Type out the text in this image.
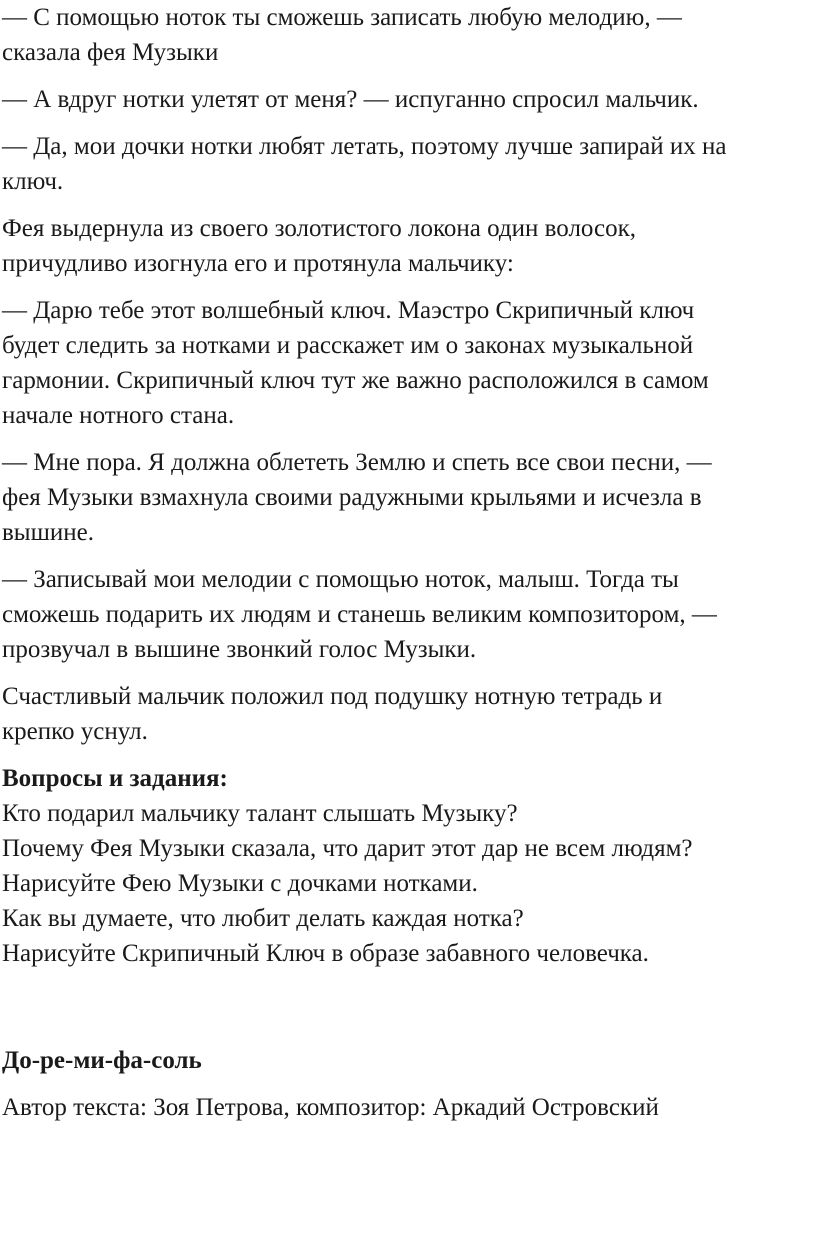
— С помощью ноток ты сможешь записать любую мелодию, —

сказала фея Музыки

— А вдруг нотки улетят от меня? — испуганно спросил мальчик.

— Да, мои дочки нотки любят летать, поэтому лучше запирай их на

ключ.

Фея выдернула из своего золотистого локона один волосок,

причудливо изогнула его и протянула мальчику:

— Дарю тебе этот волшебный ключ. Маэстро Скрипичный ключ

будет следить за нотками и расскажет им о законах музыкальной

гармонии. Скрипичный ключ тут же важно расположился в самом

начале нотного стана.

— Мне пора. Я должна облететь Землю и спеть все свои песни, —

фея Музыки взмахнула своими радужными крыльями и исчезла в

вышине.

— Записывай мои мелодии с помощью ноток, малыш. Тогда ты

сможешь подарить их людям и станешь великим композитором, —

прозвучал в вышине звонкий голос Музыки.

Счастливый мальчик положил под подушку нотную тетрадь и

крепко уснул.

Вопросы и задания:

Кто подарил мальчику талант слышать Музыку?

Почему Фея Музыки сказала, что дарит этот дар не всем людям?

Нарисуйте Фею Музыки с дочками нотками.

Как вы думаете, что любит делать каждая нотка?

Нарисуйте Скрипичный Ключ в образе забавного человечка.

До-ре-ми-фа-соль

Автор текста: Зоя Петрова, композитор: Аркадий Островский
